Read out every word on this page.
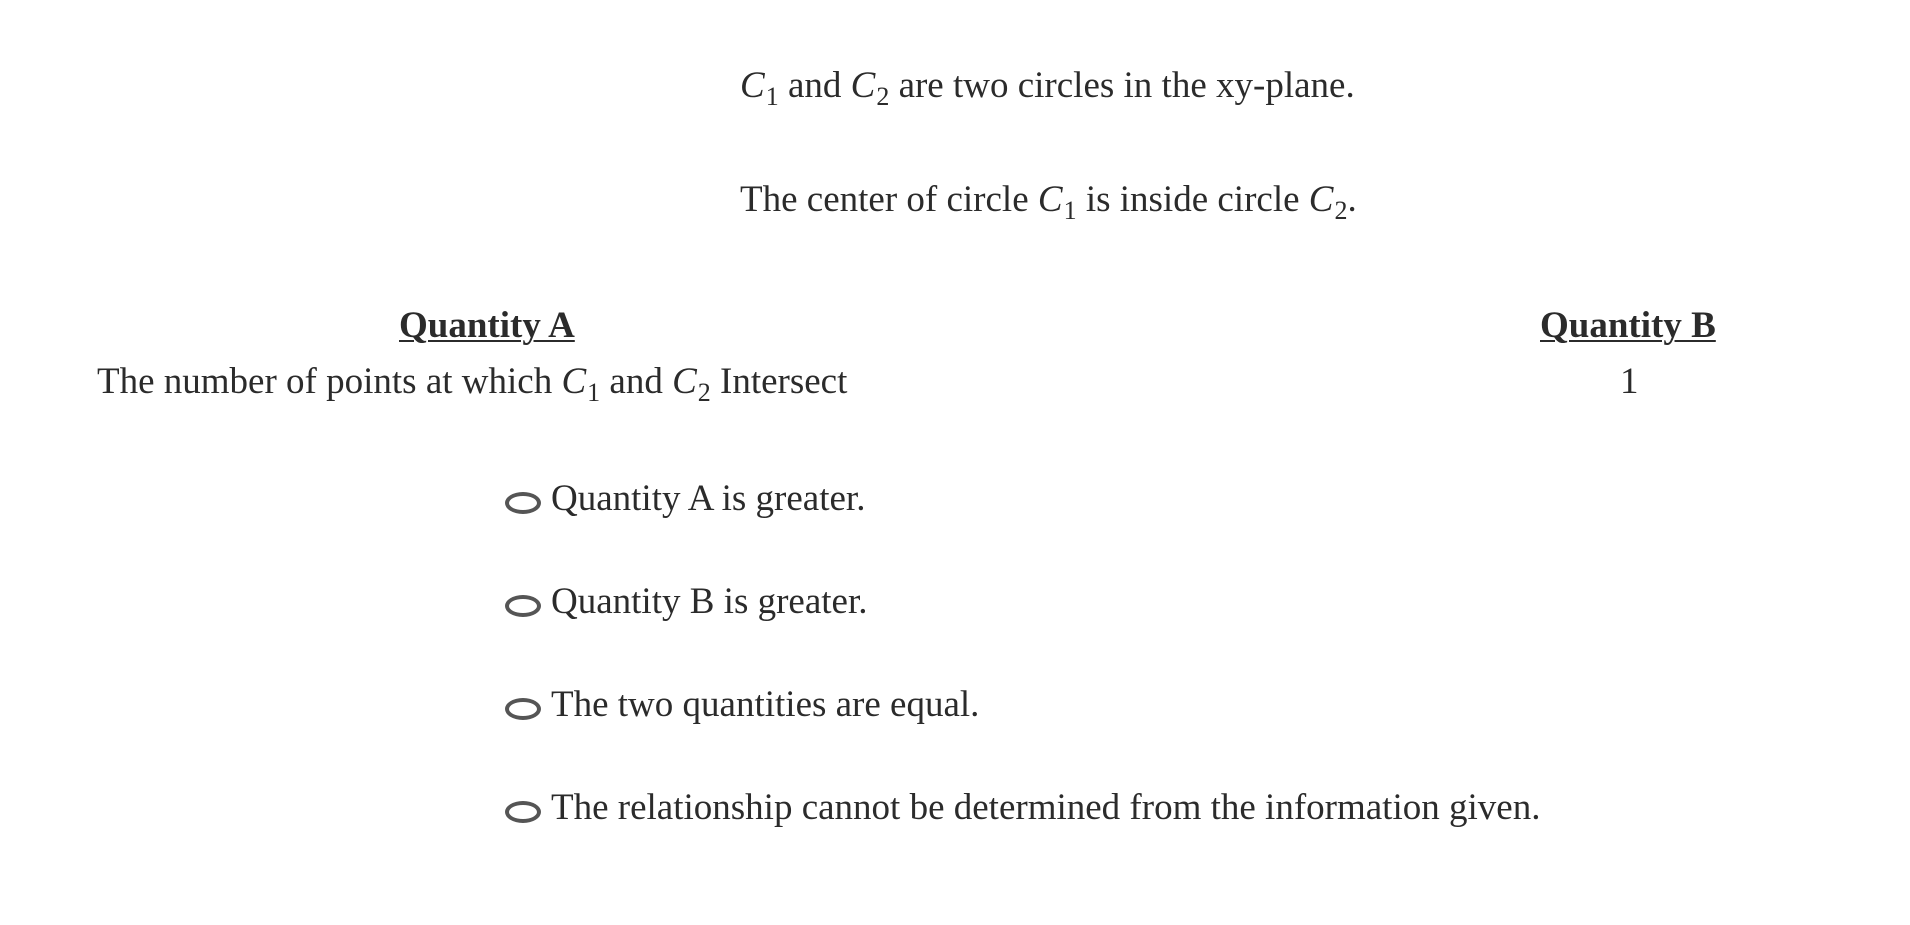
$C_1$ and $C_2$ are two circles in the xy-plane.
The center of circle $C_1$ is inside circle $C_2$.
Quantity A	Quantity B
The number of points at which $C_1$ and $C_2$ Intersect	1
Quantity A is greater.
Quantity B is greater.
The two quantities are equal.
The relationship cannot be determined from the information given.
